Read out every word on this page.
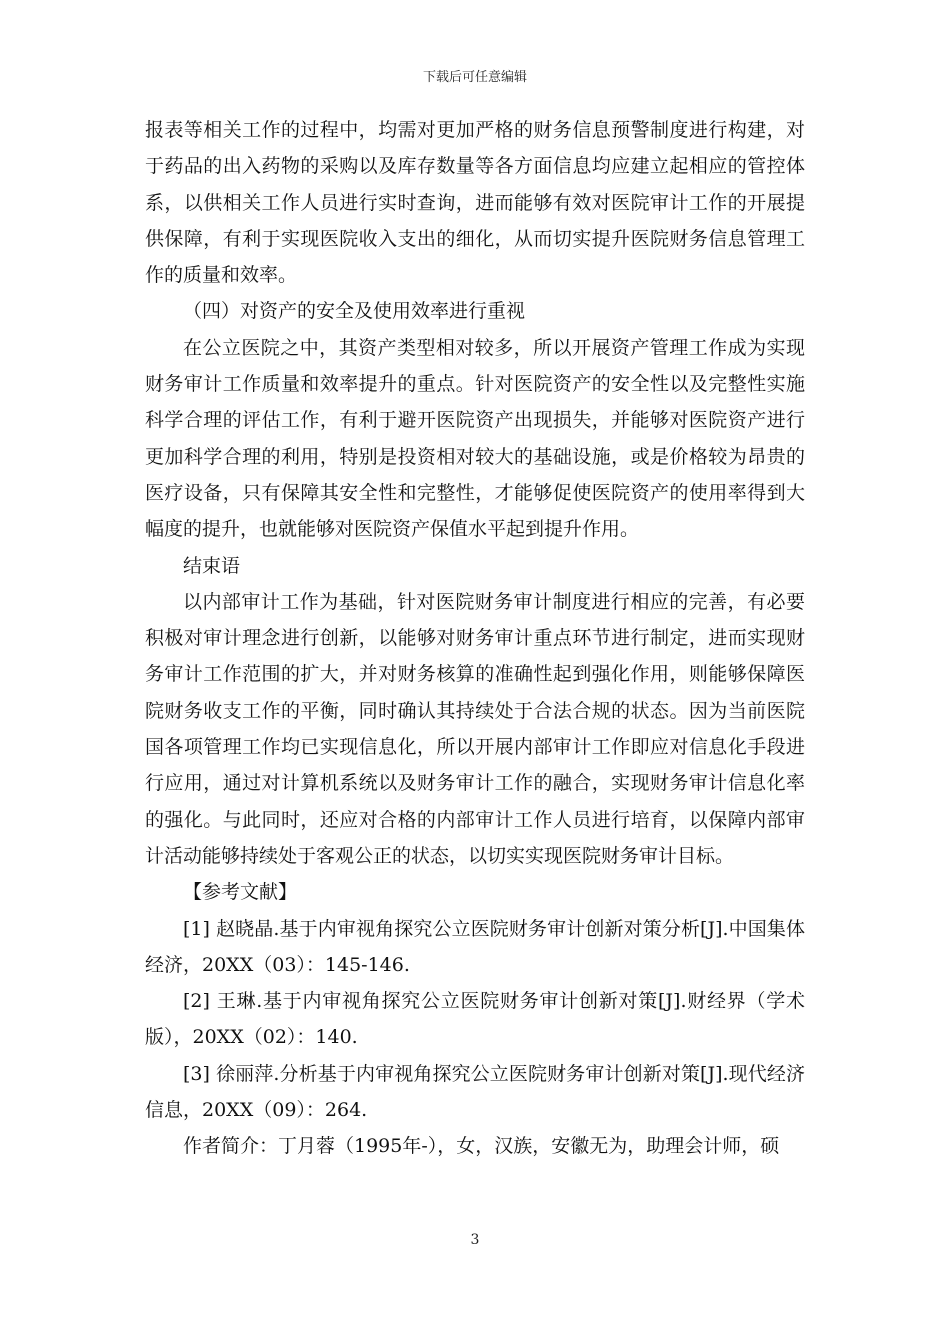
下载后可任意编辑

报表等相关工作的过程中，均需对更加严格的财务信息预警制度进行构建，对于药品的出入药物的采购以及库存数量等各方面信息均应建立起相应的管控体系，以供相关工作人员进行实时查询，进而能够有效对医院审计工作的开展提供保障，有利于实现医院收入支出的细化，从而切实提升医院财务信息管理工作的质量和效率。

（四）对资产的安全及使用效率进行重视

在公立医院之中，其资产类型相对较多，所以开展资产管理工作成为实现财务审计工作质量和效率提升的重点。针对医院资产的安全性以及完整性实施科学合理的评估工作，有利于避开医院资产出现损失，并能够对医院资产进行更加科学合理的利用，特别是投资相对较大的基础设施，或是价格较为昂贵的医疗设备，只有保障其安全性和完整性，才能够促使医院资产的使用率得到大幅度的提升，也就能够对医院资产保值水平起到提升作用。

结束语

以内部审计工作为基础，针对医院财务审计制度进行相应的完善，有必要积极对审计理念进行创新，以能够对财务审计重点环节进行制定，进而实现财务审计工作范围的扩大，并对财务核算的准确性起到强化作用，则能够保障医院财务收支工作的平衡，同时确认其持续处于合法合规的状态。因为当前医院国各项管理工作均已实现信息化，所以开展内部审计工作即应对信息化手段进行应用，通过对计算机系统以及财务审计工作的融合，实现财务审计信息化率的强化。与此同时，还应对合格的内部审计工作人员进行培育，以保障内部审计活动能够持续处于客观公正的状态，以切实实现医院财务审计目标。

【参考文献】

[1] 赵晓晶.基于内审视角探究公立医院财务审计创新对策分析[J].中国集体经济，20XX（03）：145-146.

[2] 王琳.基于内审视角探究公立医院财务审计创新对策[J].财经界（学术版），20XX（02）：140.

[3] 徐丽萍.分析基于内审视角探究公立医院财务审计创新对策[J].现代经济信息，20XX（09）：264.

作者简介：丁月蓉（1995年-），女，汉族，安徽无为，助理会计师，硕

3
